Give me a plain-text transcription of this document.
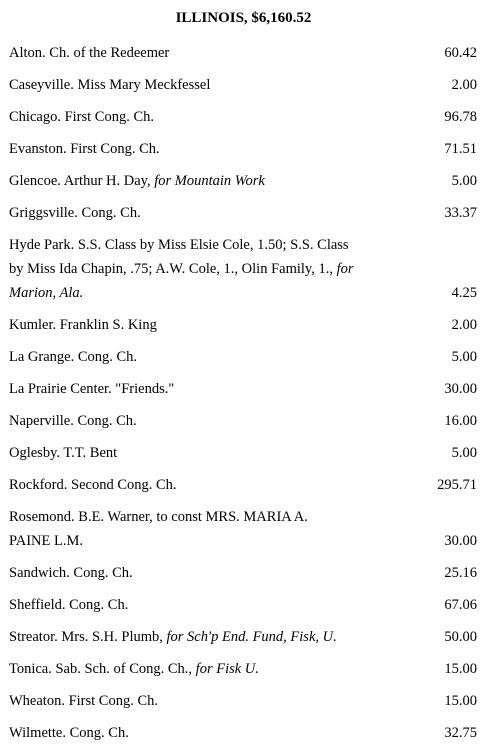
ILLINOIS, $6,160.52
Alton. Ch. of the Redeemer	60.42
Caseyville. Miss Mary Meckfessel	2.00
Chicago. First Cong. Ch.	96.78
Evanston. First Cong. Ch.	71.51
Glencoe. Arthur H. Day, for Mountain Work	5.00
Griggsville. Cong. Ch.	33.37
Hyde Park. S.S. Class by Miss Elsie Cole, 1.50; S.S. Class
by Miss Ida Chapin, .75; A.W. Cole, 1., Olin Family, 1., for
Marion, Ala.	4.25
Kumler. Franklin S. King	2.00
La Grange. Cong. Ch.	5.00
La Prairie Center. "Friends."	30.00
Naperville. Cong. Ch.	16.00
Oglesby. T.T. Bent	5.00
Rockford. Second Cong. Ch.	295.71
Rosemond. B.E. Warner, to const MRS. MARIA A.
PAINE L.M.	30.00
Sandwich. Cong. Ch.	25.16
Sheffield. Cong. Ch.	67.06
Streator. Mrs. S.H. Plumb, for Sch'p End. Fund, Fisk, U.	50.00
Tonica. Sab. Sch. of Cong. Ch., for Fisk U.	15.00
Wheaton. First Cong. Ch.	15.00
Wilmette. Cong. Ch.	32.75
